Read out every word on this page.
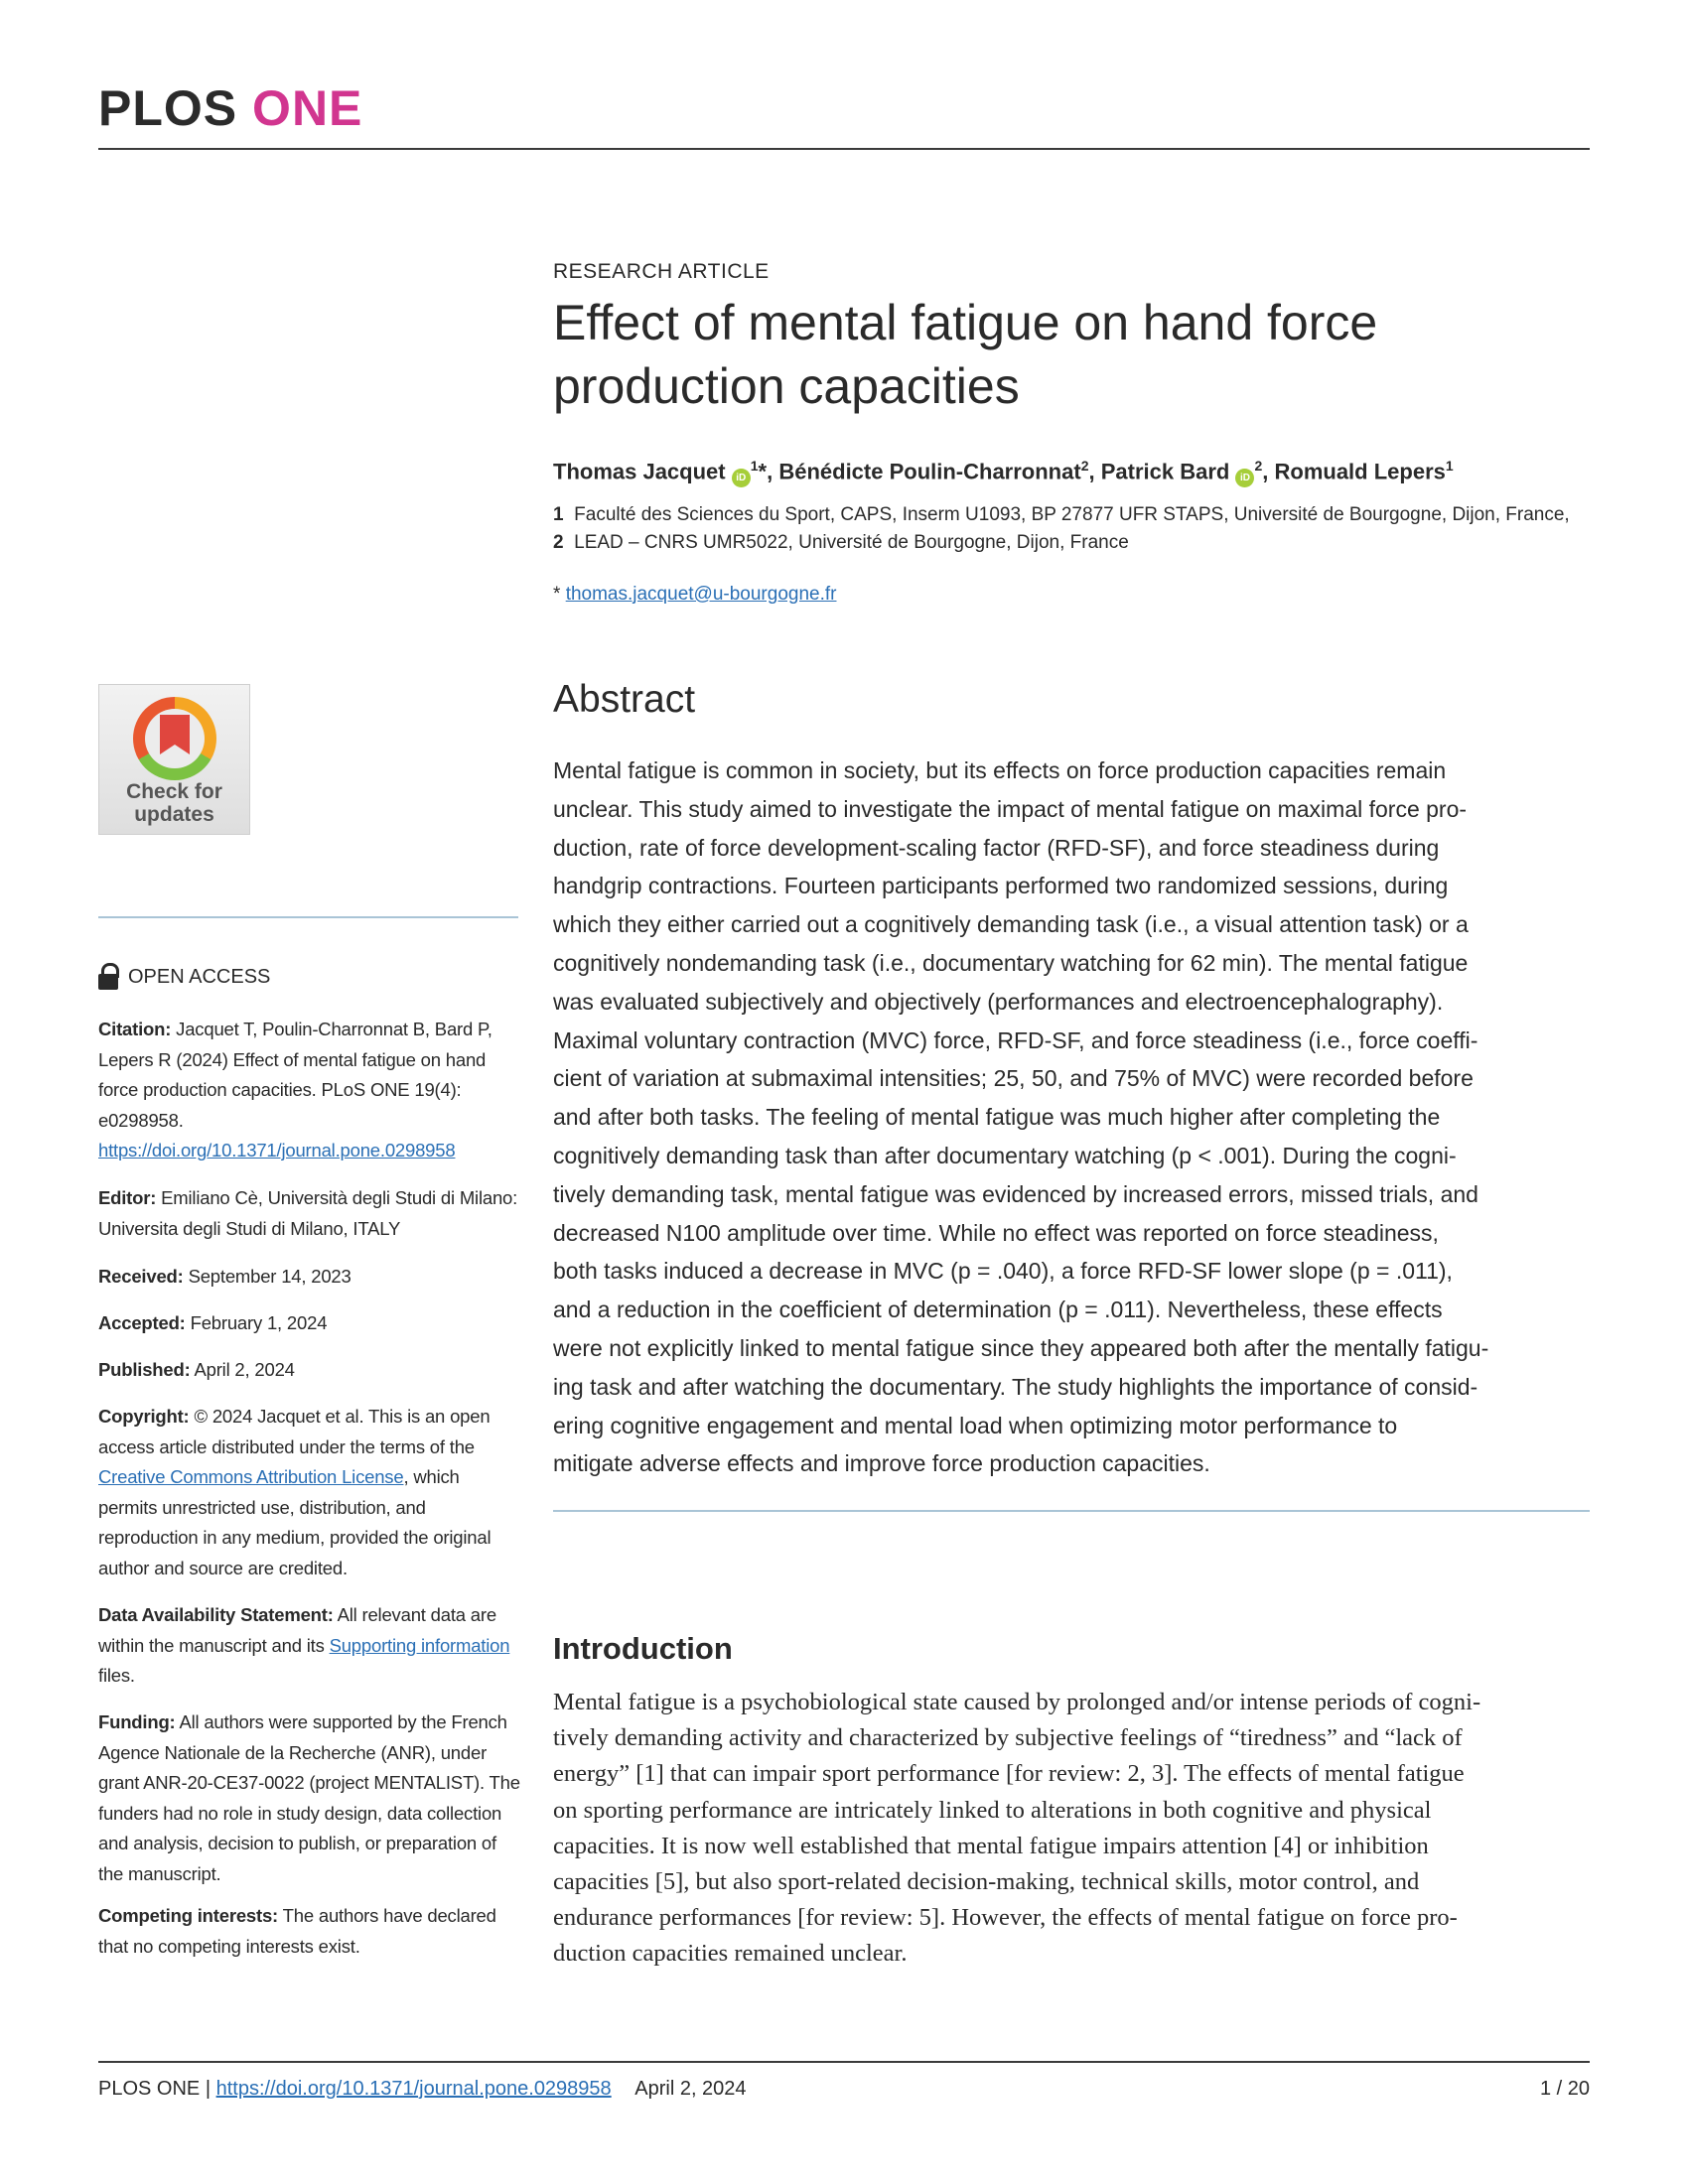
PLOS ONE
RESEARCH ARTICLE
Effect of mental fatigue on hand force
production capacities
Thomas Jacquet $iD^1*$, Bénédicte Poulin-Charronnat$^2$, Patrick Bard $iD^2$, Romuald Lepers$^1$
1 Faculté des Sciences du Sport, CAPS, Inserm U1093, BP 27877 UFR STAPS, Université de Bourgogne, Dijon, France, 2 LEAD – CNRS UMR5022, Université de Bourgogne, Dijon, France
* thomas.jacquet@u-bourgogne.fr
Abstract
Mental fatigue is common in society, but its effects on force production capacities remain
unclear. This study aimed to investigate the impact of mental fatigue on maximal force pro-
duction, rate of force development-scaling factor (RFD-SF), and force steadiness during
handgrip contractions. Fourteen participants performed two randomized sessions, during
which they either carried out a cognitively demanding task (i.e., a visual attention task) or a
cognitively nondemanding task (i.e., documentary watching for 62 min). The mental fatigue
was evaluated subjectively and objectively (performances and electroencephalography).
Maximal voluntary contraction (MVC) force, RFD-SF, and force steadiness (i.e., force coeffi-
cient of variation at submaximal intensities; 25, 50, and 75% of MVC) were recorded before
and after both tasks. The feeling of mental fatigue was much higher after completing the
cognitively demanding task than after documentary watching (p < .001). During the cogni-
tively demanding task, mental fatigue was evidenced by increased errors, missed trials, and
decreased N100 amplitude over time. While no effect was reported on force steadiness,
both tasks induced a decrease in MVC (p = .040), a force RFD-SF lower slope (p = .011),
and a reduction in the coefficient of determination (p = .011). Nevertheless, these effects
were not explicitly linked to mental fatigue since they appeared both after the mentally fatigu-
ing task and after watching the documentary. The study highlights the importance of consid-
ering cognitive engagement and mental load when optimizing motor performance to
mitigate adverse effects and improve force production capacities.
Introduction
Mental fatigue is a psychobiological state caused by prolonged and/or intense periods of cogni-
tively demanding activity and characterized by subjective feelings of “tiredness” and “lack of
energy” [1] that can impair sport performance [for review: 2, 3]. The effects of mental fatigue
on sporting performance are intricately linked to alterations in both cognitive and physical
capacities. It is now well established that mental fatigue impairs attention [4] or inhibition
capacities [5], but also sport-related decision-making, technical skills, motor control, and
endurance performances [for review: 5]. However, the effects of mental fatigue on force pro-
duction capacities remained unclear.
Check for
updates
OPEN ACCESS
Citation: Jacquet T, Poulin-Charronnat B, Bard P, Lepers R (2024) Effect of mental fatigue on hand force production capacities. PLoS ONE 19(4): e0298958. https://doi.org/10.1371/journal.pone.0298958
Editor: Emiliano Cè, Università degli Studi di Milano: Universita degli Studi di Milano, ITALY
Received: September 14, 2023
Accepted: February 1, 2024
Published: April 2, 2024
Copyright: © 2024 Jacquet et al. This is an open access article distributed under the terms of the Creative Commons Attribution License, which permits unrestricted use, distribution, and reproduction in any medium, provided the original author and source are credited.
Data Availability Statement: All relevant data are within the manuscript and its Supporting information files.
Funding: All authors were supported by the French Agence Nationale de la Recherche (ANR), under grant ANR-20-CE37-0022 (project MENTALIST). The funders had no role in study design, data collection and analysis, decision to publish, or preparation of the manuscript.
Competing interests: The authors have declared that no competing interests exist.
PLOS ONE | https://doi.org/10.1371/journal.pone.0298958 April 2, 2024	1 / 20
